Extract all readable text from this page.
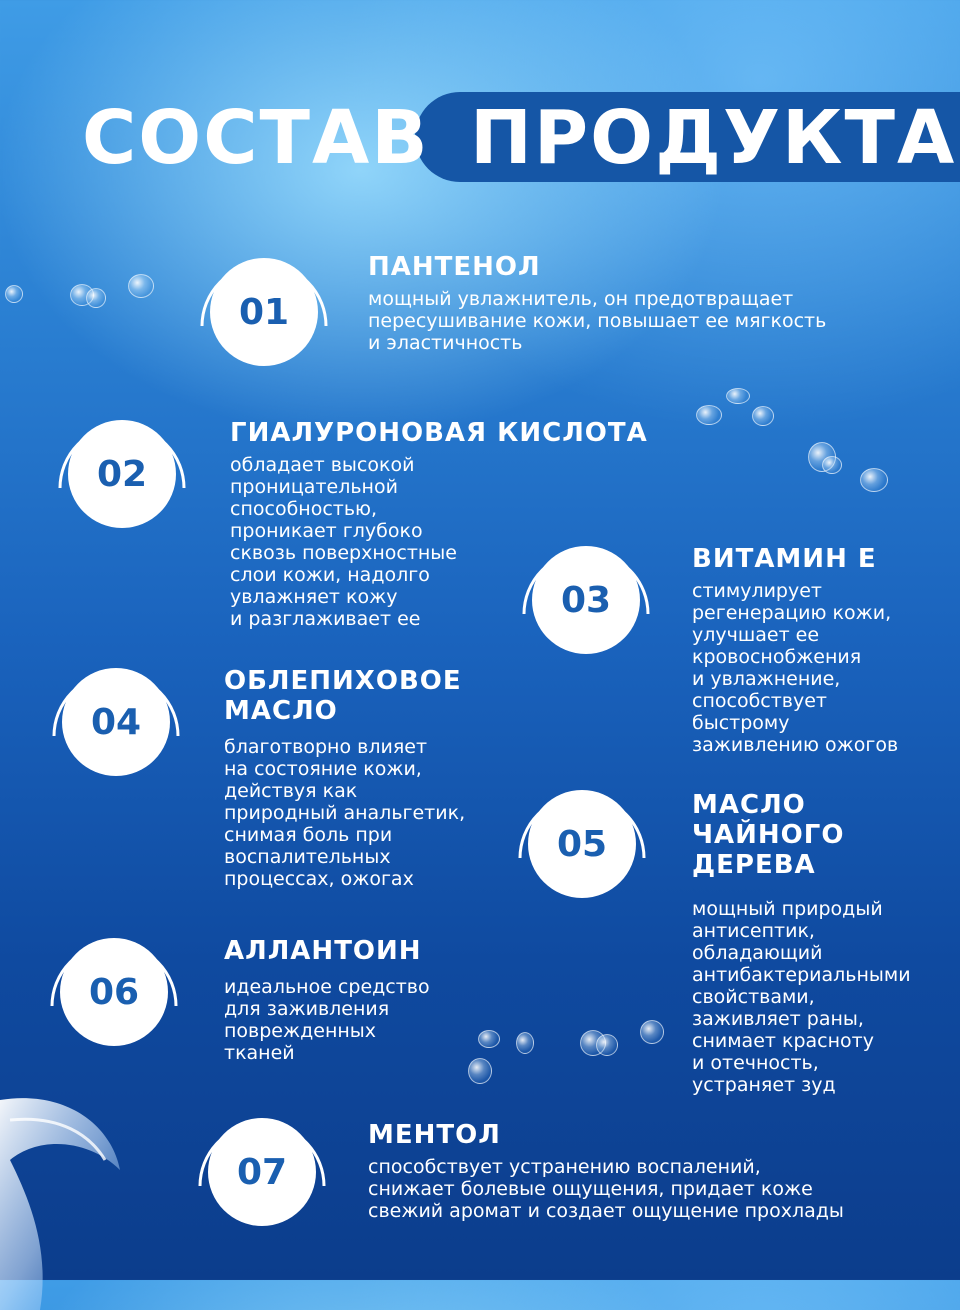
СОСТАВ ПРОДУКТА
01
ПАНТЕНОЛ
мощный увлажнитель, он предотвращает
пересушивание кожи, повышает ее мягкость
и эластичность
02
ГИАЛУРОНОВАЯ КИСЛОТА
обладает высокой
проницательной
способностью,
проникает глубоко
сквозь поверхностные
слои кожи, надолго
увлажняет кожу
и разглаживает ее	03
ВИТАМИН Е
стимулирует
регенерацию кожи,
улучшает ее
кровоснобжения
и увлажнение,
способствует
быстрому
заживлению ожогов
04
ОБЛЕПИХОВОЕ
МАСЛО
благотворно влияет
на состояние кожи,
действуя как
природный анальгетик,
снимая боль при
воспалительных
процессах, ожогах
05
МАСЛО
ЧАЙНОГО
ДЕРЕВА
мощный природый
антисептик,
обладающий
антибактериальными
свойствами,
заживляет раны,
снимает красноту
и отечность,
устраняет зуд
06
АЛЛАНТОИН
идеальное средство
для заживления
поврежденных
тканей
07
МЕНТОЛ
способствует устранению воспалений,
снижает болевые ощущения, придает коже
свежий аромат и создает ощущение прохлады
